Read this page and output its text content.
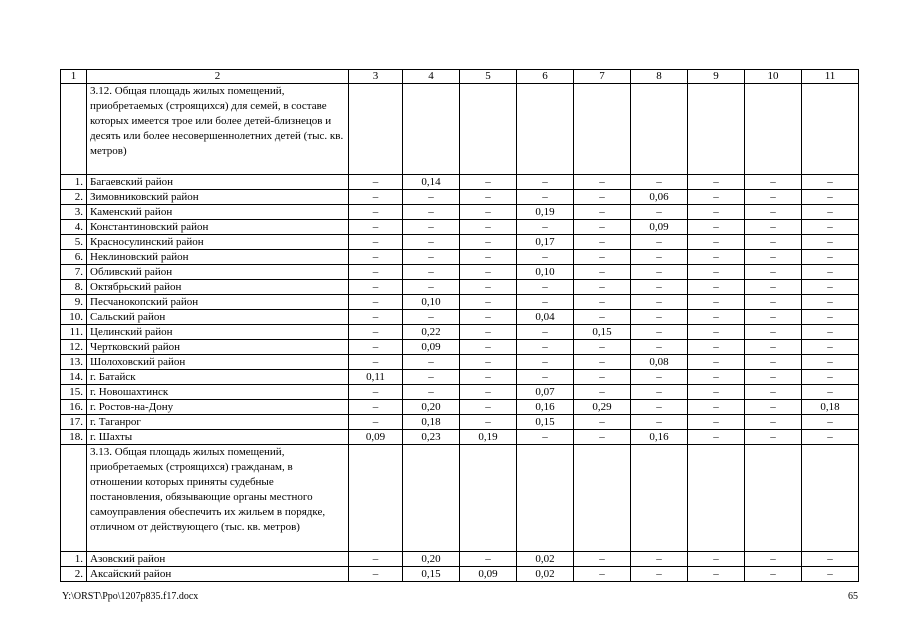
1	2	3	4	5	6	7	8	9	10	11
	3.12. Общая площадь жилых помещений, приобретаемых (строящихся) для семей, в составе которых имеется трое или более детей-близнецов и десять или более несовершеннолетних детей (тыс. кв. метров)									
1.	Багаевский район	–	0,14	–	–	–	–	–	–	–
2.	Зимовниковский район	–	–	–	–	–	0,06	–	–	–
3.	Каменский район	–	–	–	0,19	–	–	–	–	–
4.	Константиновский район	–	–	–	–	–	0,09	–	–	–
5.	Красносулинский район	–	–	–	0,17	–	–	–	–	–
6.	Неклиновский район	–	–	–	–	–	–	–	–	–
7.	Обливский район	–	–	–	0,10	–	–	–	–	–
8.	Октябрьский район	–	–	–	–	–	–	–	–	–
9.	Песчанокопский район	–	0,10	–	–	–	–	–	–	–
10.	Сальский район	–	–	–	0,04	–	–	–	–	–
11.	Целинский район	–	0,22	–	–	0,15	–	–	–	–
12.	Чертковский район	–	0,09	–	–	–	–	–	–	–
13.	Шолоховский район	–	–	–	–	–	0,08	–	–	–
14.	г. Батайск	0,11	–	–	–	–	–	–	–	–
15.	г. Новошахтинск	–	–	–	0,07	–	–	–	–	–
16.	г. Ростов-на-Дону	–	0,20	–	0,16	0,29	–	–	–	0,18
17.	г. Таганрог	–	0,18	–	0,15	–	–	–	–	–
18.	г. Шахты	0,09	0,23	0,19	–	–	0,16	–	–	–
	3.13. Общая площадь жилых помещений, приобретаемых (строящихся) гражданам, в отношении которых приняты судебные постановления, обязывающие органы местного самоуправления обеспечить их жильем в порядке, отличном от действующего (тыс. кв. метров)									
1.	Азовский район	–	0,20	–	0,02	–	–	–	–	–
2.	Аксайский район	–	0,15	0,09	0,02	–	–	–	–	–
Y:\ORST\Ppo\1207p835.f17.docx	65
